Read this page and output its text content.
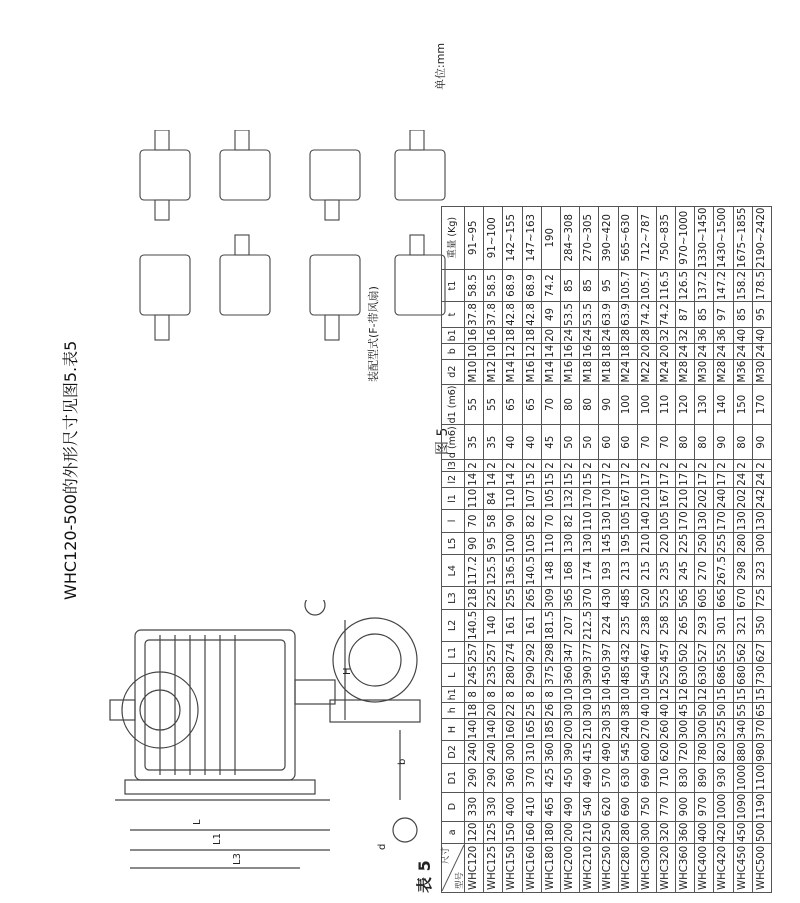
WHC120-500的外形尺寸见图5.表5
L
L1
L3
H
b
d
装配型式(F-带风扇)
图 5
表 5
单位:mm
尺寸
型号	a	D	D1	D2	H	h	h1	L	L1	L2	L3	L4	L5	l	l1	l2	l3	d (m6)	d1 (m6)	d2	b	b1	t	t1	重量 (Kg)
WHC120	120	330	290	240	140	18	8	245	257	140.5	218	117.2	90	70	110	14	2	35	55	M10	10	16	37.8	58.5	91~95
WHC125	125	330	290	240	140	20	8	235	257	140	225	125.5	95	58	84	14	2	35	55	M12	10	16	37.8	58.5	91~100
WHC150	150	400	360	300	160	22	8	280	274	161	255	136.5	100	90	110	14	2	40	65	M14	12	18	42.8	68.9	142~155
WHC160	160	410	370	310	165	25	8	290	292	161	265	140.5	105	82	107	15	2	40	65	M16	12	18	42.8	68.9	147~163
WHC180	180	465	425	360	185	26	8	375	298	181.5	309	148	110	70	105	15	2	45	70	M14	14	20	49	74.2	190
WHC200	200	490	450	390	200	30	10	360	347	207	365	168	130	82	132	15	2	50	80	M16	16	24	53.5	85	284~308
WHC210	210	540	490	415	210	30	10	390	377	212.5	370	174	130	110	170	15	2	50	80	M18	16	24	53.5	85	270~305
WHC250	250	620	570	490	230	35	10	450	397	224	430	193	145	130	170	17	2	60	90	M18	18	24	63.9	95	390~420
WHC280	280	690	630	545	240	38	10	485	432	235	485	213	195	105	167	17	2	60	100	M24	18	28	63.9	105.7	565~630
WHC300	300	750	690	600	270	40	10	540	467	238	520	215	210	140	210	17	2	70	100	M22	20	28	74.2	105.7	712~787
WHC320	320	770	710	620	260	40	12	525	457	258	525	235	220	105	167	17	2	70	110	M24	20	32	74.2	116.5	750~835
WHC360	360	900	830	720	300	45	12	630	502	265	565	245	225	170	210	17	2	80	120	M28	24	32	87	126.5	970~1000
WHC400	400	970	890	780	300	50	12	630	527	293	605	270	250	130	202	17	2	80	130	M30	24	36	85	137.2	1330~1450
WHC420	420	1000	930	820	325	50	15	686	552	301	665	267.5	255	170	240	17	2	90	140	M28	24	36	97	147.2	1430~1500
WHC450	450	1090	1000	880	340	55	15	680	562	321	670	298	280	130	202	24	2	80	150	M36	24	40	85	158.2	1675~1855
WHC500	500	1190	1100	980	370	65	15	730	627	350	725	323	300	130	242	24	2	90	170	M30	24	40	95	178.5	2190~2420
